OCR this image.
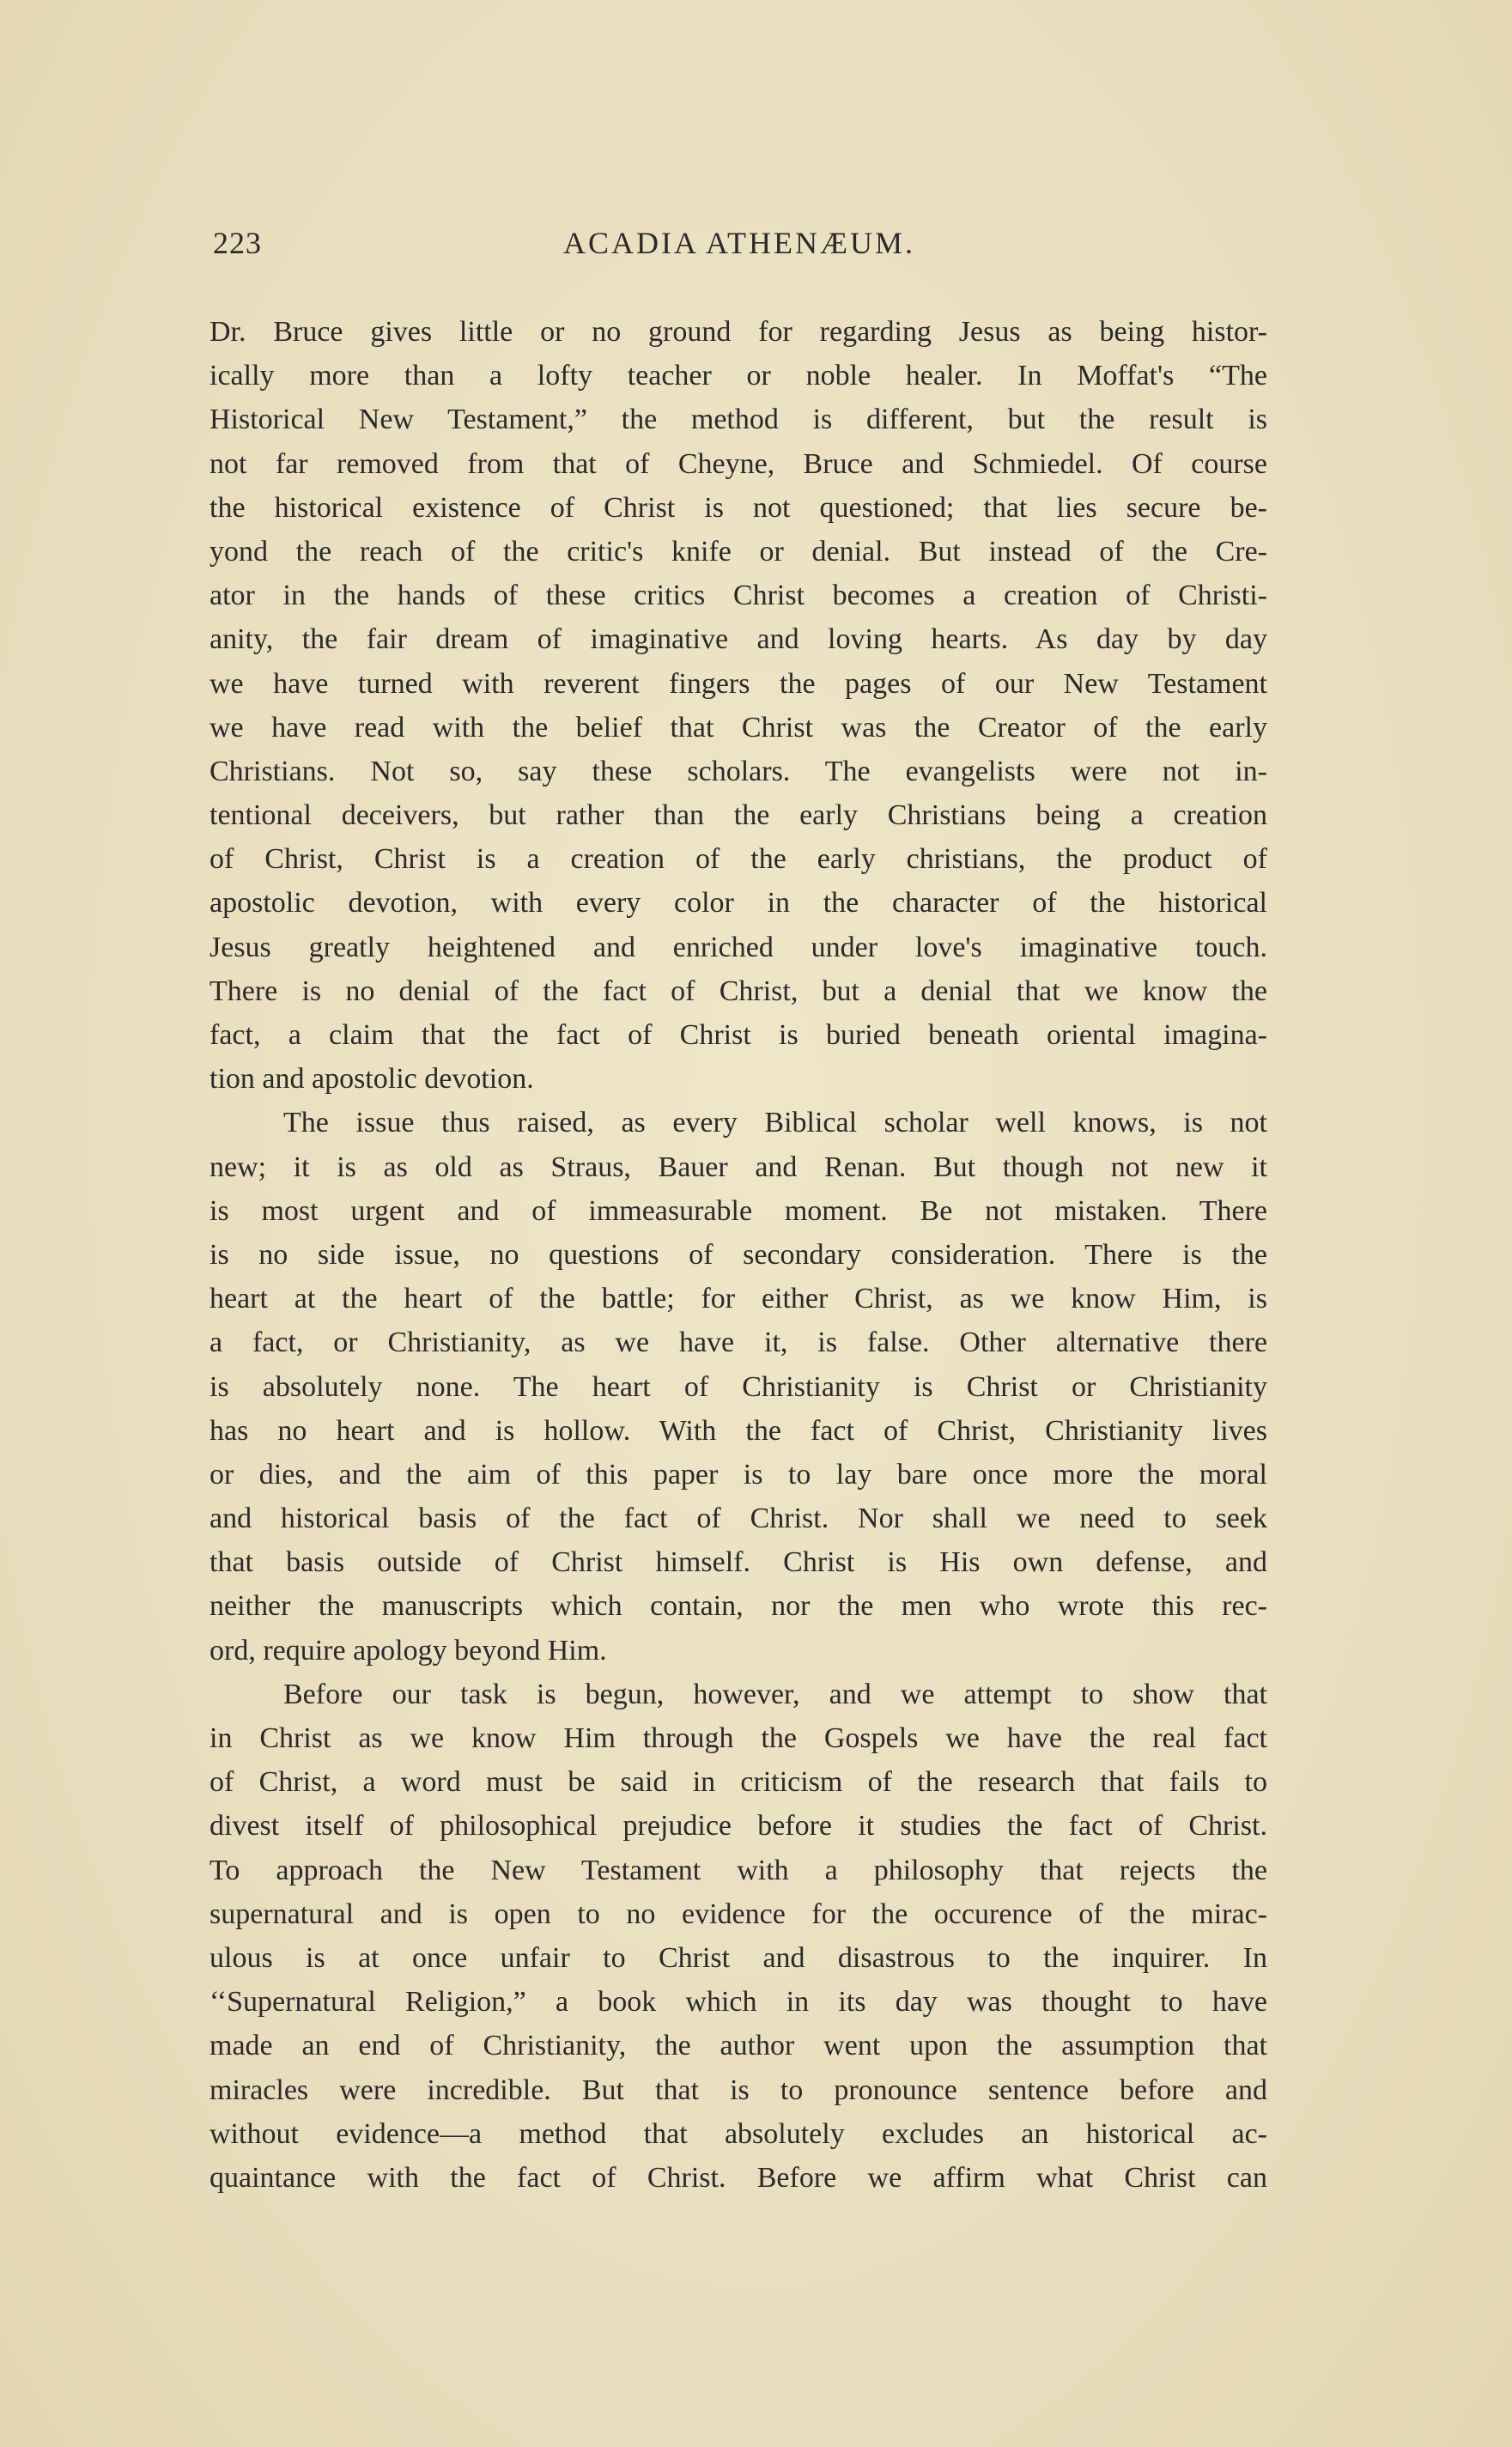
223	ACADIA ATHENÆUM.
Dr. Bruce gives little or no ground for regarding Jesus as being histor-
ically more than a lofty teacher or noble healer. In Moffat's “The
Historical New Testament,” the method is different, but the result is
not far removed from that of Cheyne, Bruce and Schmiedel. Of course
the historical existence of Christ is not questioned; that lies secure be-
yond the reach of the critic's knife or denial. But instead of the Cre-
ator in the hands of these critics Christ becomes a creation of Christi-
anity, the fair dream of imaginative and loving hearts. As day by day
we have turned with reverent fingers the pages of our New Testament
we have read with the belief that Christ was the Creator of the early
Christians. Not so, say these scholars. The evangelists were not in-
tentional deceivers, but rather than the early Christians being a creation
of Christ, Christ is a creation of the early christians, the product of
apostolic devotion, with every color in the character of the historical
Jesus greatly heightened and enriched under love's imaginative touch.
There is no denial of the fact of Christ, but a denial that we know the
fact, a claim that the fact of Christ is buried beneath oriental imagina-
tion and apostolic devotion.
The issue thus raised, as every Biblical scholar well knows, is not
new; it is as old as Straus, Bauer and Renan. But though not new it
is most urgent and of immeasurable moment. Be not mistaken. There
is no side issue, no questions of secondary consideration. There is the
heart at the heart of the battle; for either Christ, as we know Him, is
a fact, or Christianity, as we have it, is false. Other alternative there
is absolutely none. The heart of Christianity is Christ or Christianity
has no heart and is hollow. With the fact of Christ, Christianity lives
or dies, and the aim of this paper is to lay bare once more the moral
and historical basis of the fact of Christ. Nor shall we need to seek
that basis outside of Christ himself. Christ is His own defense, and
neither the manuscripts which contain, nor the men who wrote this rec-
ord, require apology beyond Him.
Before our task is begun, however, and we attempt to show that
in Christ as we know Him through the Gospels we have the real fact
of Christ, a word must be said in criticism of the research that fails to
divest itself of philosophical prejudice before it studies the fact of Christ.
To approach the New Testament with a philosophy that rejects the
supernatural and is open to no evidence for the occurence of the mirac-
ulous is at once unfair to Christ and disastrous to the inquirer. In
‘‘Supernatural Religion,” a book which in its day was thought to have
made an end of Christianity, the author went upon the assumption that
miracles were incredible. But that is to pronounce sentence before and
without evidence—a method that absolutely excludes an historical ac-
quaintance with the fact of Christ. Before we affirm what Christ can
